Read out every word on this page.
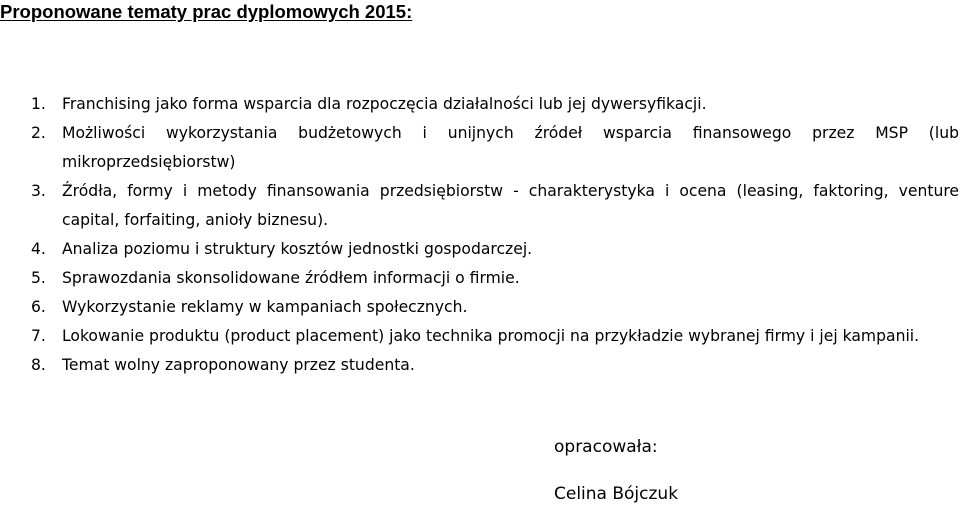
Proponowane tematy prac dyplomowych 2015:
1. Franchising jako forma wsparcia dla rozpoczęcia działalności lub jej dywersyfikacji.
2. Możliwości wykorzystania budżetowych i unijnych źródeł wsparcia finansowego przez MSP (lub mikroprzedsiębiorstw)
3. Źródła, formy i metody finansowania przedsiębiorstw - charakterystyka i ocena (leasing, faktoring, venture capital, forfaiting, anioły biznesu).
4. Analiza poziomu i struktury kosztów jednostki gospodarczej.
5. Sprawozdania skonsolidowane źródłem informacji o firmie.
6. Wykorzystanie reklamy w kampaniach społecznych.
7. Lokowanie produktu (product placement) jako technika promocji na przykładzie wybranej firmy i jej kampanii.
8. Temat wolny zaproponowany przez studenta.
opracowała:
Celina Bójczuk
